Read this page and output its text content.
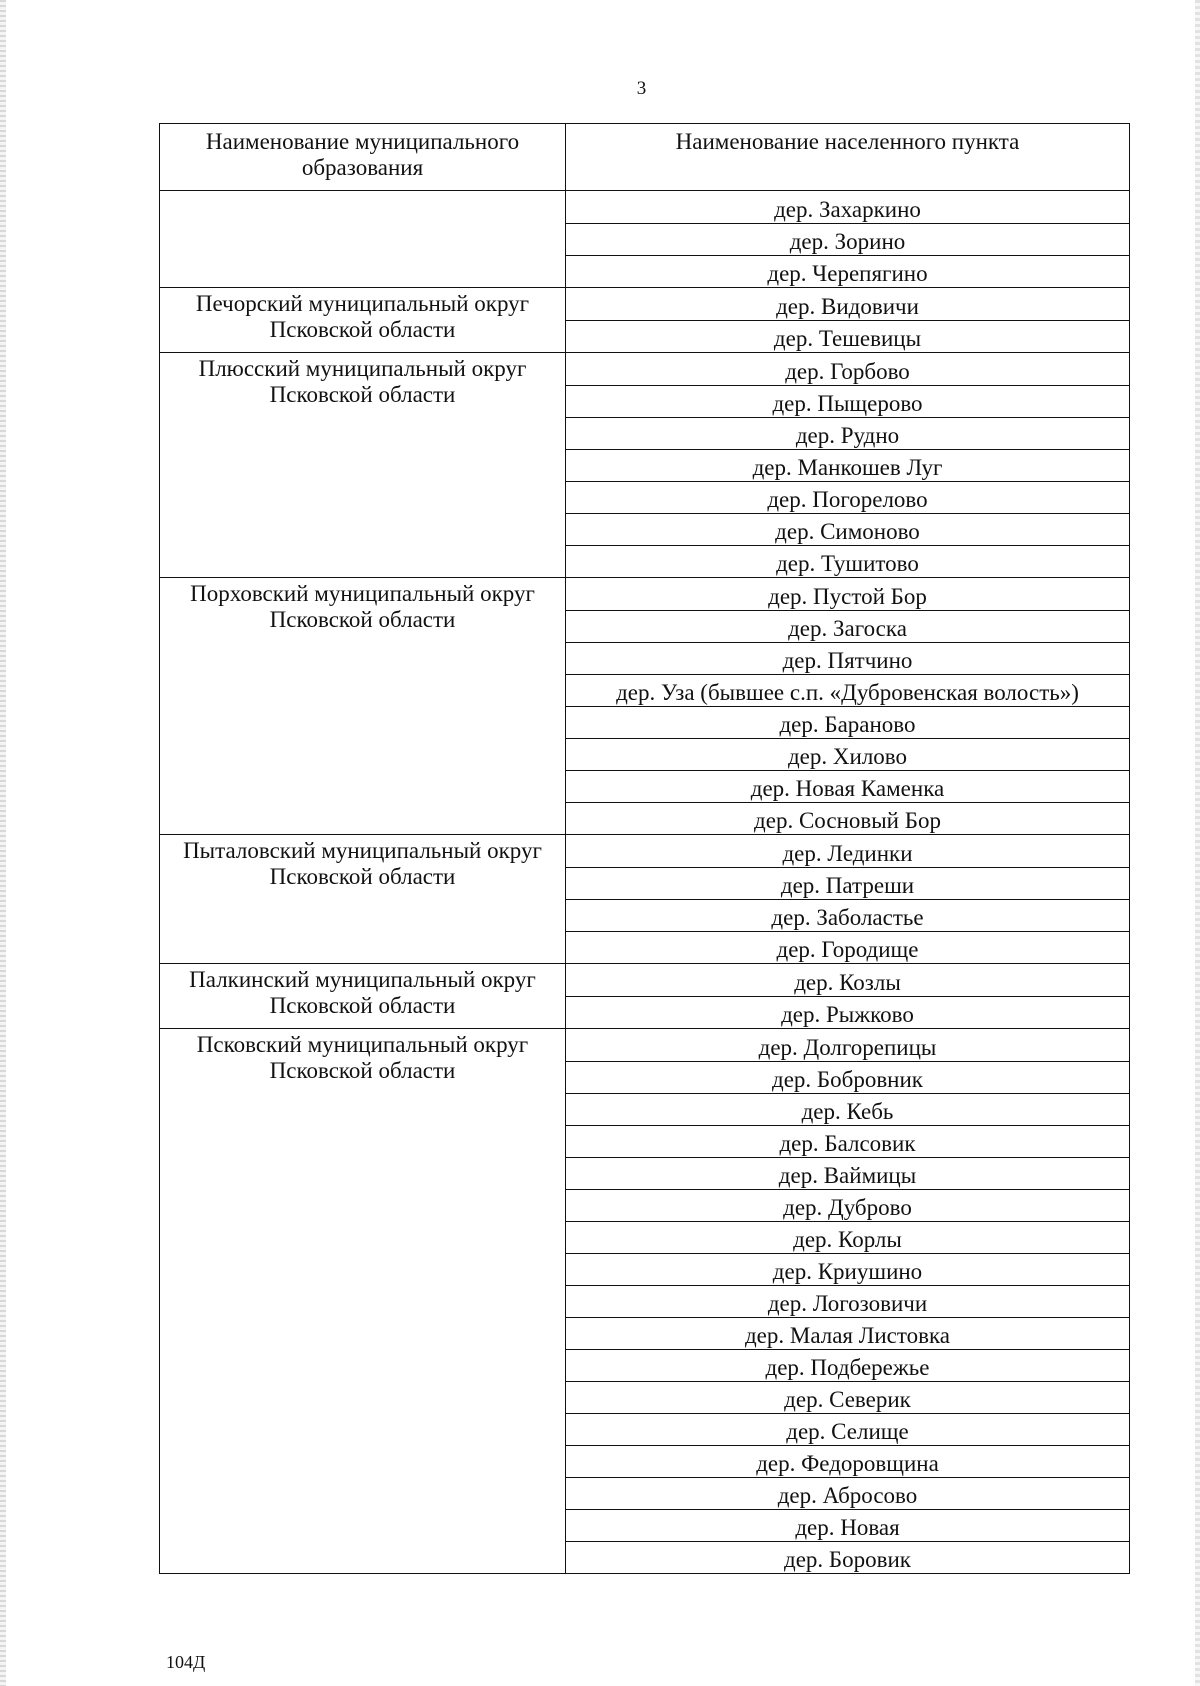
3
Наименование муниципального образования	Наименование населенного пункта
	дер. Захаркино
	дер. Зорино
	дер. Черепягино
Печорский муниципальный округ Псковской области	дер. Видовичи
	дер. Тешевицы
Плюсский муниципальный округ Псковской области	дер. Горбово
	дер. Пыщерово
	дер. Рудно
	дер. Манкошев Луг
	дер. Погорелово
	дер. Симоново
	дер. Тушитово
Порховский муниципальный округ Псковской области	дер. Пустой Бор
	дер. Загоска
	дер. Пятчино
	дер. Уза (бывшее с.п. «Дубровенская волость»)
	дер. Бараново
	дер. Хилово
	дер. Новая Каменка
	дер. Сосновый Бор
Пыталовский муниципальный округ Псковской области	дер. Лединки
	дер. Патреши
	дер. Заболастье
	дер. Городище
Палкинский муниципальный округ Псковской области	дер. Козлы
	дер. Рыжково
Псковский муниципальный округ Псковской области	дер. Долгорепицы
	дер. Бобровник
	дер. Кебь
	дер. Балсовик
	дер. Ваймицы
	дер. Дуброво
	дер. Корлы
	дер. Криушино
	дер. Логозовичи
	дер. Малая Листовка
	дер. Подбережье
	дер. Северик
	дер. Селище
	дер. Федоровщина
	дер. Абросово
	дер. Новая
	дер. Боровик
104Д
